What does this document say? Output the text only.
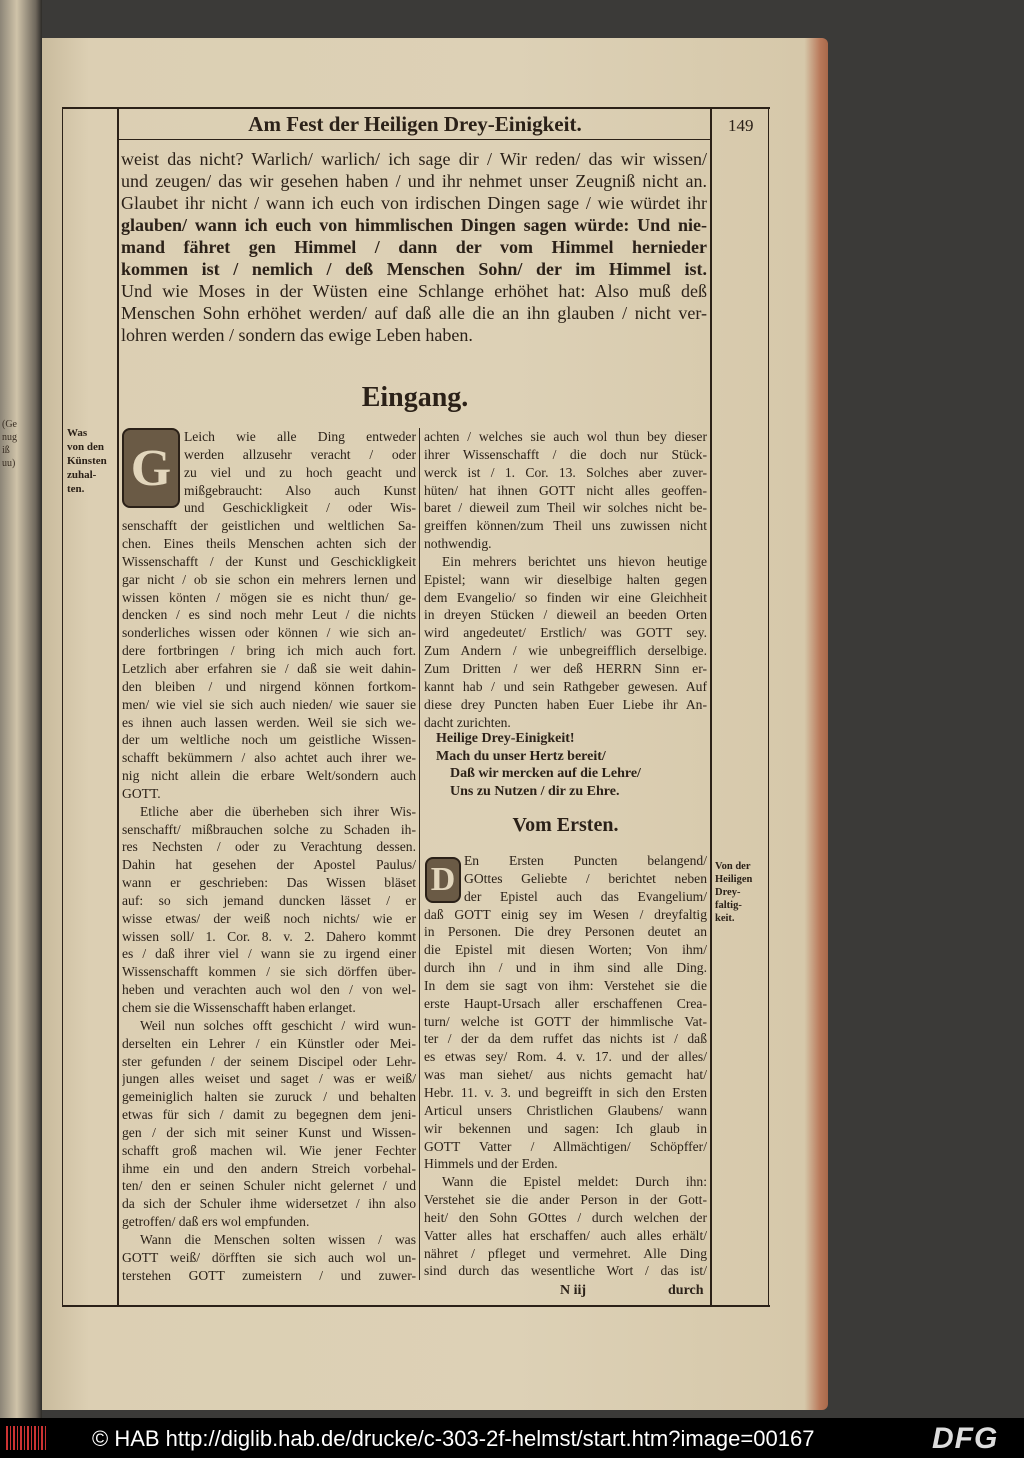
(Ge
nug
iß
uu)
Am Fest der Heiligen Drey-Einigkeit.	149
weist das nicht? Warlich/ warlich/ ich sage dir / Wir reden/ das wir wissen/
und zeugen/ das wir gesehen haben / und ihr nehmet unser Zeugniß nicht an.
Glaubet ihr nicht / wann ich euch von irdischen Dingen sage / wie würdet ihr
glauben/ wann ich euch von himmlischen Dingen sagen würde: Und nie-
mand fähret gen Himmel / dann der vom Himmel hernieder
kommen ist / nemlich / deß Menschen Sohn/ der im Himmel ist.
Und wie Moses in der Wüsten eine Schlange erhöhet hat: Also muß deß
Menschen Sohn erhöhet werden/ auf daß alle die an ihn glauben / nicht ver-
lohren werden / sondern das ewige Leben haben.
Eingang.
Was
von den
Künsten
zuhal-
ten. G
Leich wie alle Ding entweder
werden allzusehr veracht / oder
zu viel und zu hoch geacht und
mißgebraucht: Also auch Kunst
und Geschickligkeit / oder Wis-
senschafft der geistlichen und weltlichen Sa-
chen. Eines theils Menschen achten sich der
Wissenschafft / der Kunst und Geschickligkeit
gar nicht / ob sie schon ein mehrers lernen und
wissen könten / mögen sie es nicht thun/ ge-
dencken / es sind noch mehr Leut / die nichts
sonderliches wissen oder können / wie sich an-
dere fortbringen / bring ich mich auch fort.
Letzlich aber erfahren sie / daß sie weit dahin-
den bleiben / und nirgend können fortkom-
men/ wie viel sie sich auch nieden/ wie sauer sie
es ihnen auch lassen werden. Weil sie sich we-
der um weltliche noch um geistliche Wissen-
schafft bekümmern / also achtet auch ihrer we-
nig nicht allein die erbare Welt/sondern auch
GOTT.
Etliche aber die überheben sich ihrer Wis-
senschafft/ mißbrauchen solche zu Schaden ih-
res Nechsten / oder zu Verachtung dessen.
Dahin hat gesehen der Apostel Paulus/
wann er geschrieben: Das Wissen bläset
auf: so sich jemand duncken lässet / er
wisse etwas/ der weiß noch nichts/ wie er
wissen soll/ 1. Cor. 8. v. 2. Dahero kommt
es / daß ihrer viel / wann sie zu irgend einer
Wissenschafft kommen / sie sich dörffen über-
heben und verachten auch wol den / von wel-
chem sie die Wissenschafft haben erlanget.
Weil nun solches offt geschicht / wird wun-
derselten ein Lehrer / ein Künstler oder Mei-
ster gefunden / der seinem Discipel oder Lehr-
jungen alles weiset und saget / was er weiß/
gemeiniglich halten sie zuruck / und behalten
etwas für sich / damit zu begegnen dem jeni-
gen / der sich mit seiner Kunst und Wissen-
schafft groß machen wil. Wie jener Fechter
ihme ein und den andern Streich vorbehal-
ten/ den er seinen Schuler nicht gelernet / und
da sich der Schuler ihme widersetzet / ihn also
getroffen/ daß ers wol empfunden.
Wann die Menschen solten wissen / was
GOTT weiß/ dörfften sie sich auch wol un-
terstehen GOTT zumeistern / und zuwer-
achten / welches sie auch wol thun bey dieser
ihrer Wissenschafft / die doch nur Stück-
werck ist / 1. Cor. 13. Solches aber zuver-
hüten/ hat ihnen GOTT nicht alles geoffen-
baret / dieweil zum Theil wir solches nicht be-
greiffen können/zum Theil uns zuwissen nicht
nothwendig.
Ein mehrers berichtet uns hievon heutige
Epistel; wann wir dieselbige halten gegen
dem Evangelio/ so finden wir eine Gleichheit
in dreyen Stücken / dieweil an beeden Orten
wird angedeutet/ Erstlich/ was GOTT sey.
Zum Andern / wie unbegreifflich derselbige.
Zum Dritten / wer deß HERRN Sinn er-
kannt hab / und sein Rathgeber gewesen. Auf
diese drey Puncten haben Euer Liebe ihr An-
dacht zurichten.
Heilige Drey-Einigkeit!
Mach du unser Hertz bereit/
Daß wir mercken auf die Lehre/
Uns zu Nutzen / dir zu Ehre.
Vom Ersten.
D
En Ersten Puncten belangend/
GOttes Geliebte / berichtet neben
der Epistel auch das Evangelium/
daß GOTT einig sey im Wesen / dreyfaltig
in Personen. Die drey Personen deutet an
die Epistel mit diesen Worten; Von ihm/
durch ihn / und in ihm sind alle Ding.
In dem sie sagt von ihm: Verstehet sie die
erste Haupt-Ursach aller erschaffenen Crea-
turn/ welche ist GOTT der himmlische Vat-
ter / der da dem ruffet das nichts ist / daß
es etwas sey/ Rom. 4. v. 17. und der alles/
was man siehet/ aus nichts gemacht hat/
Hebr. 11. v. 3. und begreifft in sich den Ersten
Articul unsers Christlichen Glaubens/ wann
wir bekennen und sagen: Ich glaub in
GOTT Vatter / Allmächtigen/ Schöpffer/
Himmels und der Erden.
Wann die Epistel meldet: Durch ihn:
Verstehet sie die ander Person in der Gott-
heit/ den Sohn GOttes / durch welchen der
Vatter alles hat erschaffen/ auch alles erhält/
nähret / pfleget und vermehret. Alle Ding
sind durch das wesentliche Wort / das ist/
Von der
Heiligen
Drey-
faltig-
keit.
N iij	durch
© HAB http://diglib.hab.de/drucke/c-303-2f-helmst/start.htm?image=00167	DFG
